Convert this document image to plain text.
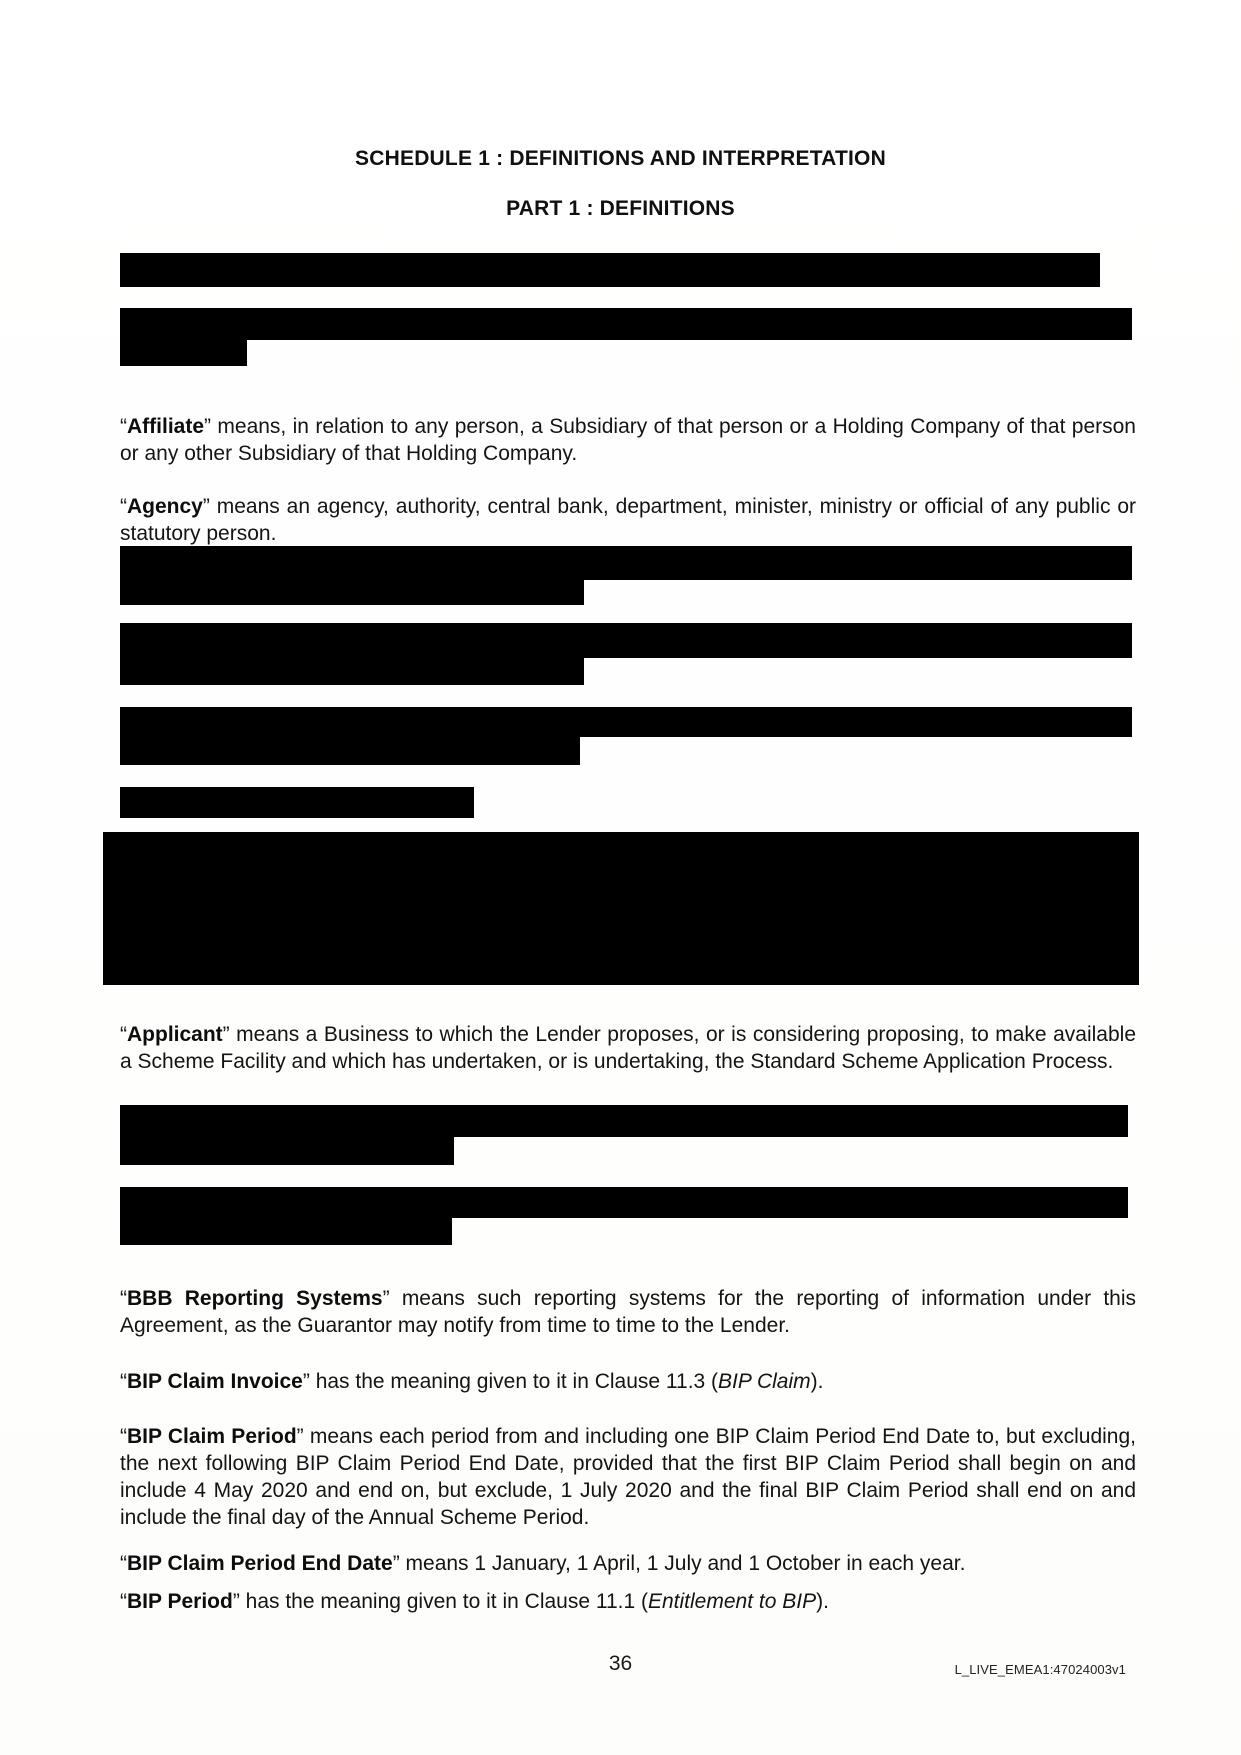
SCHEDULE 1 : DEFINITIONS AND INTERPRETATION
PART 1 : DEFINITIONS

“Affiliate” means, in relation to any person, a Subsidiary of that person or a Holding Company of that person or any other Subsidiary of that Holding Company.

“Agency” means an agency, authority, central bank, department, minister, ministry or official of any public or statutory person.

“Applicant” means a Business to which the Lender proposes, or is considering proposing, to make available a Scheme Facility and which has undertaken, or is undertaking, the Standard Scheme Application Process.

“BBB Reporting Systems” means such reporting systems for the reporting of information under this Agreement, as the Guarantor may notify from time to time to the Lender.

“BIP Claim Invoice” has the meaning given to it in Clause 11.3 (BIP Claim).

“BIP Claim Period” means each period from and including one BIP Claim Period End Date to, but excluding, the next following BIP Claim Period End Date, provided that the first BIP Claim Period shall begin on and include 4 May 2020 and end on, but exclude, 1 July 2020 and the final BIP Claim Period shall end on and include the final day of the Annual Scheme Period.

“BIP Claim Period End Date” means 1 January, 1 April, 1 July and 1 October in each year.

“BIP Period” has the meaning given to it in Clause 11.1 (Entitlement to BIP).

36	L_LIVE_EMEA1:47024003v1
